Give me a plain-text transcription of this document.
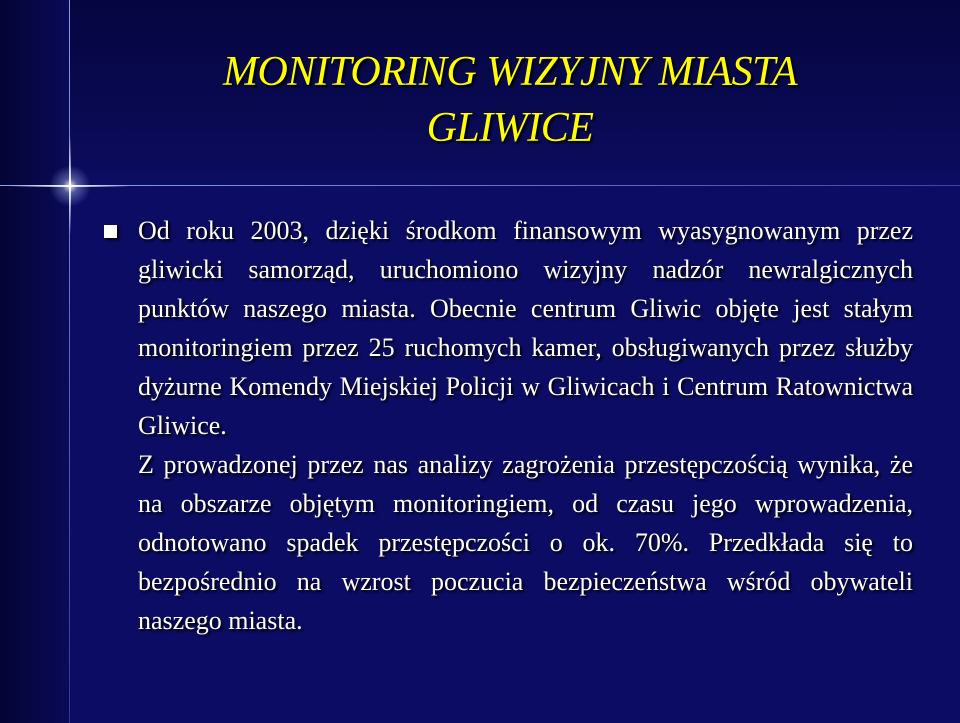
MONITORING WIZYJNY MIASTA
GLIWICE

Od roku 2003, dzięki środkom finansowym wyasygnowanym przez gliwicki samorząd, uruchomiono wizyjny nadzór newralgicznych punktów naszego miasta. Obecnie centrum Gliwic objęte jest stałym monitoringiem przez 25 ruchomych kamer, obsługiwanych przez służby dyżurne Komendy Miejskiej Policji w Gliwicach i Centrum Ratownictwa Gliwice.

Z prowadzonej przez nas analizy zagrożenia przestępczością wynika, że na obszarze objętym monitoringiem, od czasu jego wprowadzenia, odnotowano spadek przestępczości o ok. 70%. Przedkłada się to bezpośrednio na wzrost poczucia bezpieczeństwa wśród obywateli naszego miasta.
